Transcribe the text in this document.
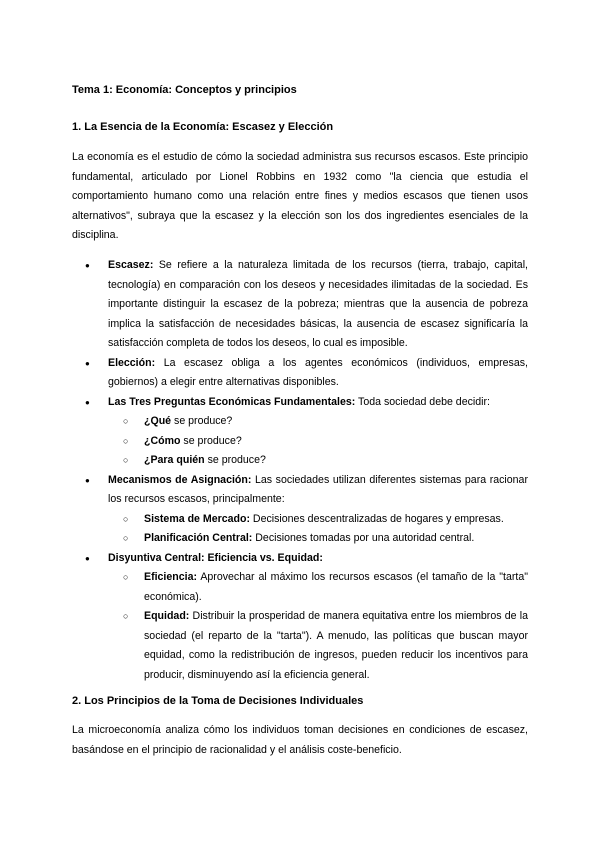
Tema 1: Economía: Conceptos y principios
1. La Esencia de la Economía: Escasez y Elección
La economía es el estudio de cómo la sociedad administra sus recursos escasos. Este principio fundamental, articulado por Lionel Robbins en 1932 como "la ciencia que estudia el comportamiento humano como una relación entre fines y medios escasos que tienen usos alternativos", subraya que la escasez y la elección son los dos ingredientes esenciales de la disciplina.
● Escasez: Se refiere a la naturaleza limitada de los recursos (tierra, trabajo, capital, tecnología) en comparación con los deseos y necesidades ilimitadas de la sociedad. Es importante distinguir la escasez de la pobreza; mientras que la ausencia de pobreza implica la satisfacción de necesidades básicas, la ausencia de escasez significaría la satisfacción completa de todos los deseos, lo cual es imposible.
● Elección: La escasez obliga a los agentes económicos (individuos, empresas, gobiernos) a elegir entre alternativas disponibles.
● Las Tres Preguntas Económicas Fundamentales: Toda sociedad debe decidir:
○ ¿Qué se produce?
○ ¿Cómo se produce?
○ ¿Para quién se produce?
● Mecanismos de Asignación: Las sociedades utilizan diferentes sistemas para racionar los recursos escasos, principalmente:
○ Sistema de Mercado: Decisiones descentralizadas de hogares y empresas.
○ Planificación Central: Decisiones tomadas por una autoridad central.
● Disyuntiva Central: Eficiencia vs. Equidad:
○ Eficiencia: Aprovechar al máximo los recursos escasos (el tamaño de la "tarta" económica).
○ Equidad: Distribuir la prosperidad de manera equitativa entre los miembros de la sociedad (el reparto de la "tarta"). A menudo, las políticas que buscan mayor equidad, como la redistribución de ingresos, pueden reducir los incentivos para producir, disminuyendo así la eficiencia general.
2. Los Principios de la Toma de Decisiones Individuales
La microeconomía analiza cómo los individuos toman decisiones en condiciones de escasez, basándose en el principio de racionalidad y el análisis coste-beneficio.
